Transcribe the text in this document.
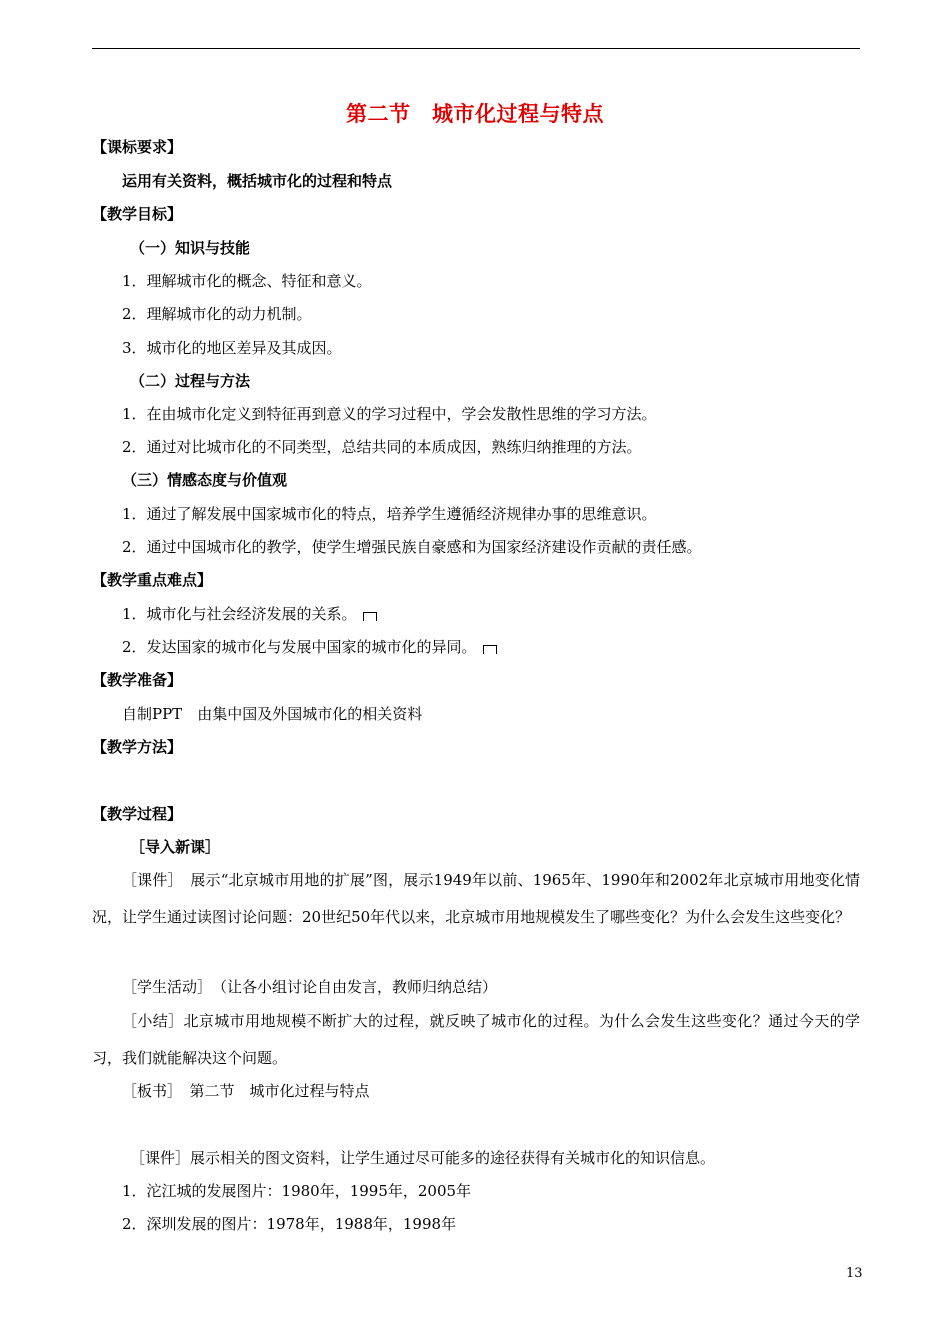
第二节　城市化过程与特点
【课标要求】
运用有关资料，概括城市化的过程和特点
【教学目标】
（一）知识与技能
1．理解城市化的概念、特征和意义。
2．理解城市化的动力机制。
3．城市化的地区差异及其成因。
（二）过程与方法
1．在由城市化定义到特征再到意义的学习过程中，学会发散性思维的学习方法。
2．通过对比城市化的不同类型，总结共同的本质成因，熟练归纳推理的方法。
（三）情感态度与价值观
1．通过了解发展中国家城市化的特点，培养学生遵循经济规律办事的思维意识。
2．通过中国城市化的教学，使学生增强民族自豪感和为国家经济建设作贡献的责任感。
【教学重点难点】
1．城市化与社会经济发展的关系。
2．发达国家的城市化与发展中国家的城市化的异同。
【教学准备】
自制PPT　由集中国及外国城市化的相关资料
【教学方法】
【教学过程】
［导入新课］
［课件］　展示“北京城市用地的扩展”图，展示1949年以前、1965年、1990年和2002年北京城市用地变化情况，让学生通过读图讨论问题：20世纪50年代以来，北京城市用地规模发生了哪些变化？为什么会发生这些变化？
［学生活动］　（让各小组讨论自由发言，教师归纳总结）
［小结］北京城市用地规模不断扩大的过程，就反映了城市化的过程。为什么会发生这些变化？通过今天的学习，我们就能解决这个问题。
［板书］　第二节　城市化过程与特点
［课件］展示相关的图文资料，让学生通过尽可能多的途径获得有关城市化的知识信息。
1．沱江城的发展图片：1980年，1995年，2005年
2．深圳发展的图片：1978年，1988年，1998年
13
